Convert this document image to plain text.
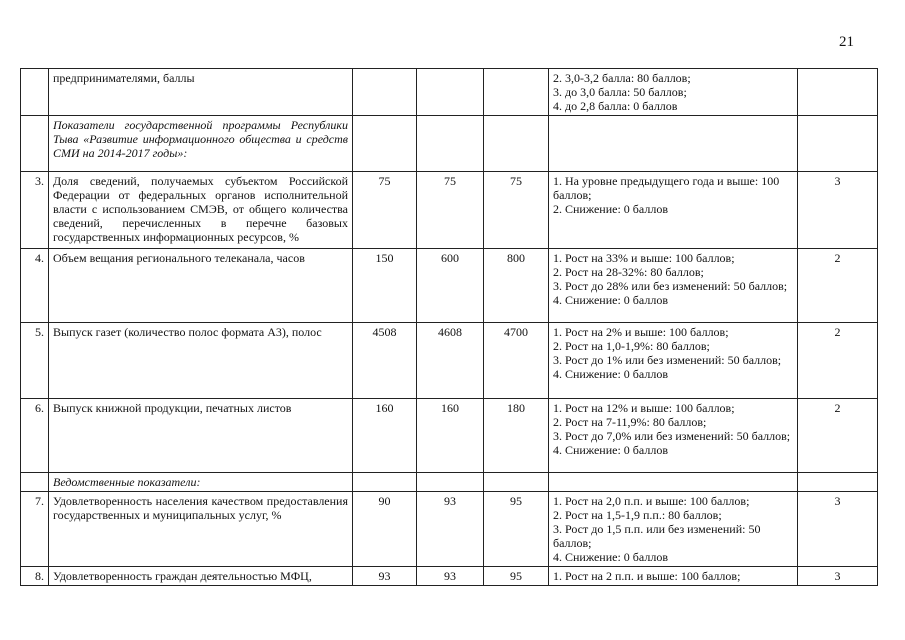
21
	предпринимателями, баллы				2. 3,0-3,2 балла: 80 баллов;
3. до 3,0 балла: 50 баллов;
4. до 2,8 балла: 0 баллов	

	Показатели государственной программы Республики Тыва «Развитие информационного общества и средств СМИ на 2014-2017 годы»:					
3.	Доля сведений, получаемых субъектом Российской Федерации от федеральных органов исполнительной власти с использованием СМЭВ, от общего количества сведений, перечисленных в перечне базовых государственных информационных ресурсов, %	75	75	75	1. На уровне предыдущего года и выше: 100 баллов;
2. Снижение: 0 баллов	3
4.	Объем вещания регионального телеканала, часов	150	600	800	1. Рост на 33% и выше: 100 баллов;
2. Рост на 28-32%: 80 баллов;
3. Рост до 28% или без изменений: 50 баллов;
4. Снижение: 0 баллов	2
5.	Выпуск газет (количество полос формата А3), полос	4508	4608	4700	1. Рост на 2% и выше: 100 баллов;
2. Рост на 1,0-1,9%: 80 баллов;
3. Рост до 1% или без изменений: 50 баллов;
4. Снижение: 0 баллов	2
6.	Выпуск книжной продукции, печатных листов	160	160	180	1. Рост на 12% и выше: 100 баллов;
2. Рост на 7-11,9%: 80 баллов;
3. Рост до 7,0% или без изменений: 50 баллов;
4. Снижение: 0 баллов	2
	Ведомственные показатели:					
7.	Удовлетворенность населения качеством предоставления государственных и муниципальных услуг, %	90	93	95	1. Рост на 2,0 п.п. и выше: 100 баллов;
2. Рост на 1,5-1,9 п.п.: 80 баллов;
3. Рост до 1,5 п.п. или без изменений: 50 баллов;
4. Снижение: 0 баллов	3
8.	Удовлетворенность граждан деятельностью МФЦ,	93	93	95	1. Рост на 2 п.п. и выше: 100 баллов;	3
